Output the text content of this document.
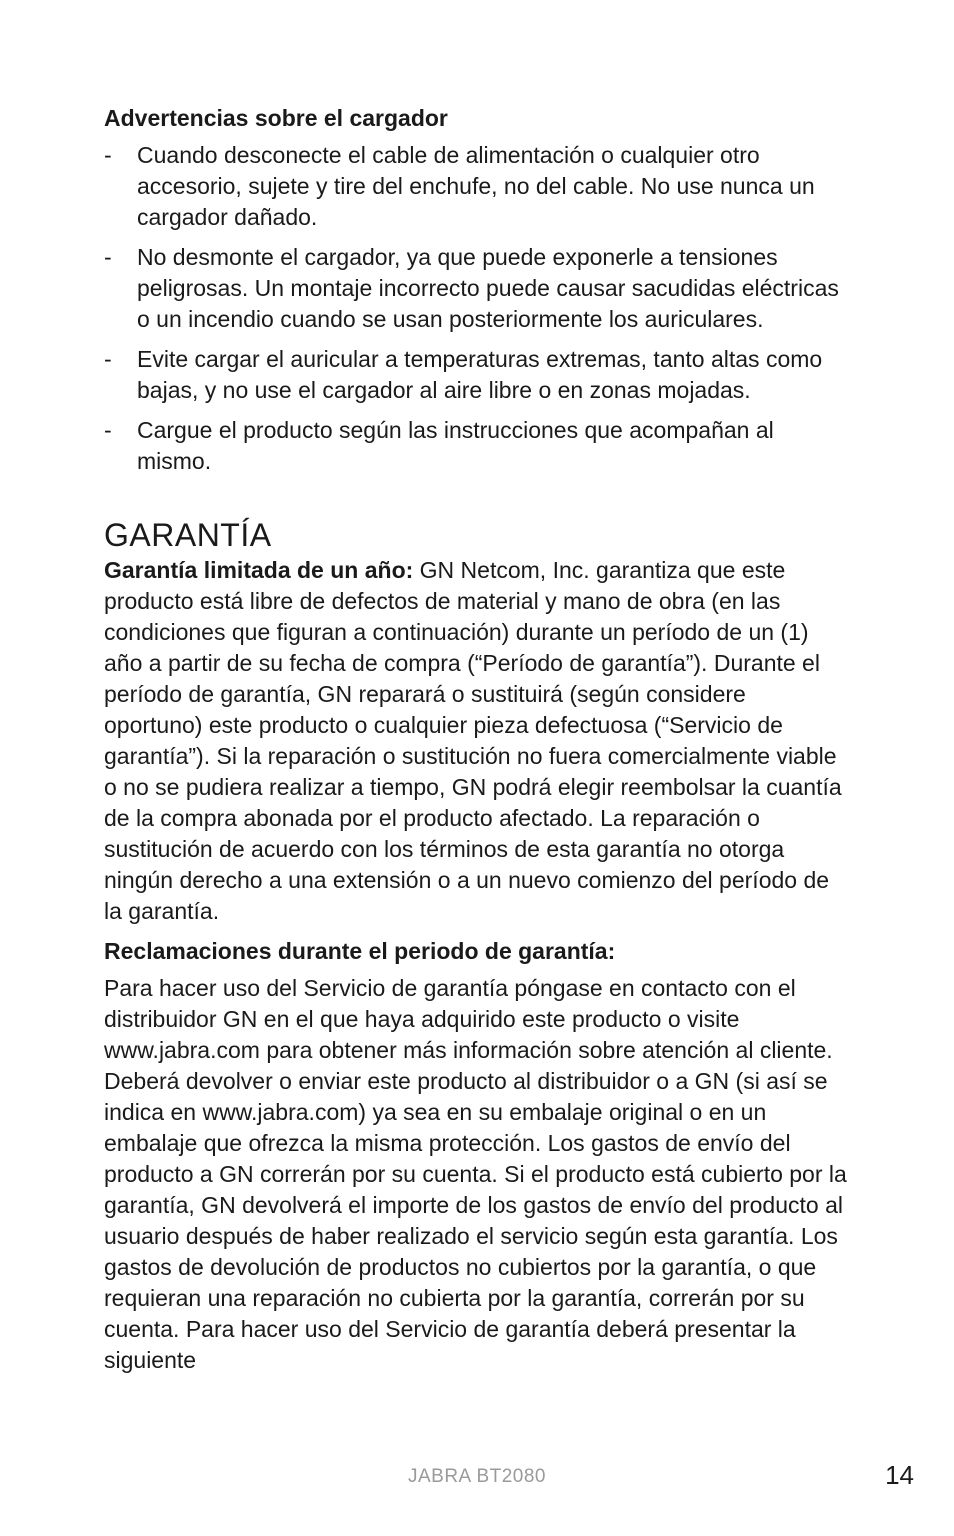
Advertencias sobre el cargador
- Cuando desconecte el cable de alimentación o cualquier otro accesorio, sujete y tire del enchufe, no del cable. No use nunca un cargador dañado.
- No desmonte el cargador, ya que puede exponerle a tensiones peligrosas. Un montaje incorrecto puede causar sacudidas eléctricas o un incendio cuando se usan posteriormente los auriculares.
- Evite cargar el auricular a temperaturas extremas, tanto altas como bajas, y no use el cargador al aire libre o en zonas mojadas.
- Cargue el producto según las instrucciones que acompañan al mismo.
GARANTÍA

Garantía limitada de un año: GN Netcom, Inc. garantiza que este producto está libre de defectos de material y mano de obra (en las condiciones que figuran a continuación) durante un período de un (1) año a partir de su fecha de compra (“Período de garantía”). Durante el período de garantía, GN reparará o sustituirá (según considere oportuno) este producto o cualquier pieza defectuosa (“Servicio de garantía”). Si la reparación o sustitución no fuera comercialmente viable o no se pudiera realizar a tiempo, GN podrá elegir reembolsar la cuantía de la compra abonada por el producto afectado. La reparación o sustitución de acuerdo con los términos de esta garantía no otorga ningún derecho a una extensión o a un nuevo comienzo del período de la garantía.

Reclamaciones durante el periodo de garantía:

Para hacer uso del Servicio de garantía póngase en contacto con el distribuidor GN en el que haya adquirido este producto o visite www.jabra.com para obtener más información sobre atención al cliente. Deberá devolver o enviar este producto al distribuidor o a GN (si así se indica en www.jabra.com) ya sea en su embalaje original o en un embalaje que ofrezca la misma protección. Los gastos de envío del producto a GN correrán por su cuenta. Si el producto está cubierto por la garantía, GN devolverá el importe de los gastos de envío del producto al usuario después de haber realizado el servicio según esta garantía. Los gastos de devolución de productos no cubiertos por la garantía, o que requieran una reparación no cubierta por la garantía, correrán por su cuenta. Para hacer uso del Servicio de garantía deberá presentar la siguiente

JABRA BT2080	14
